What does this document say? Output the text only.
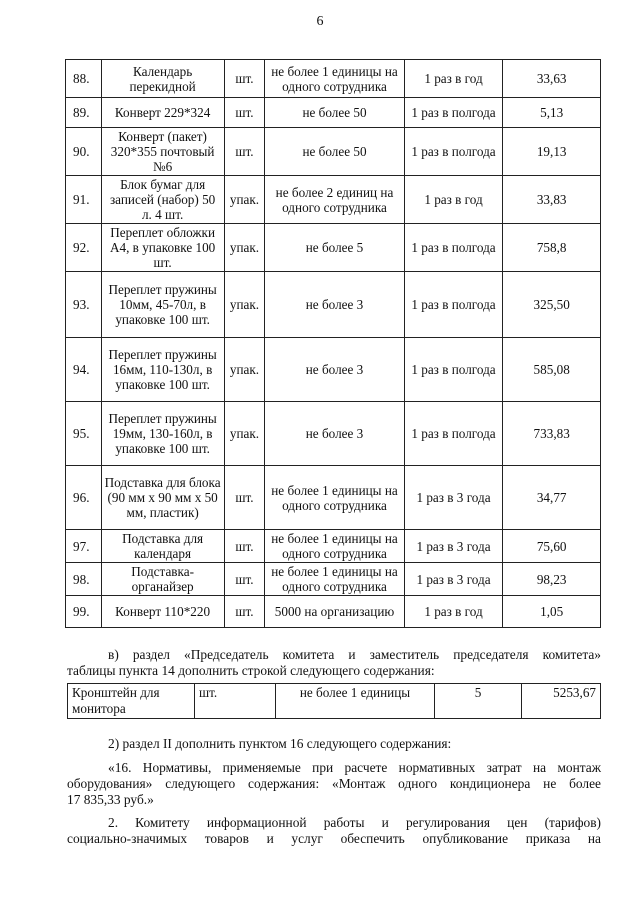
6
88.	Календарь перекидной	шт.	не более 1 единицы на одного сотрудника	1 раз в год	33,63
89.	Конверт 229*324	шт.	не более 50	1 раз в полгода	5,13
90.	Конверт (пакет) 320*355 почтовый №6	шт.	не более 50	1 раз в полгода	19,13
91.	Блок бумаг для записей (набор) 50 л. 4 шт.	упак.	не более 2 единиц на одного сотрудника	1 раз в год	33,83
92.	Переплет обложки А4, в упаковке 100 шт.	упак.	не более 5	1 раз в полгода	758,8
93.	Переплет пружины 10мм, 45-70л, в упаковке 100 шт.	упак.	не более 3	1 раз в полгода	325,50
94.	Переплет пружины 16мм, 110-130л, в упаковке 100 шт.	упак.	не более 3	1 раз в полгода	585,08
95.	Переплет пружины 19мм, 130-160л, в упаковке 100 шт.	упак.	не более 3	1 раз в полгода	733,83
96.	Подставка для блока (90 мм х 90 мм х 50 мм, пластик)	шт.	не более 1 единицы на одного сотрудника	1 раз в 3 года	34,77
97.	Подставка для календаря	шт.	не более 1 единицы на одного сотрудника	1 раз в 3 года	75,60
98.	Подставка-органайзер	шт.	не более 1 единицы на одного сотрудника	1 раз в 3 года	98,23
99.	Конверт 110*220	шт.	5000 на организацию	1 раз в год	1,05
в) раздел «Председатель комитета и заместитель председателя комитета»
таблицы пункта 14 дополнить строкой следующего содержания:
Кронштейн для монитора	шт.	не более 1 единицы	5	5253,67
2) раздел II дополнить пунктом 16 следующего содержания:
«16. Нормативы, применяемые при расчете нормативных затрат на монтаж
оборудования» следующего содержания: «Монтаж одного кондиционера не более
17 835,33 руб.»
2. Комитету информационной работы и регулирования цен (тарифов)
социально-значимых товаров и услуг обеспечить опубликование приказа на
